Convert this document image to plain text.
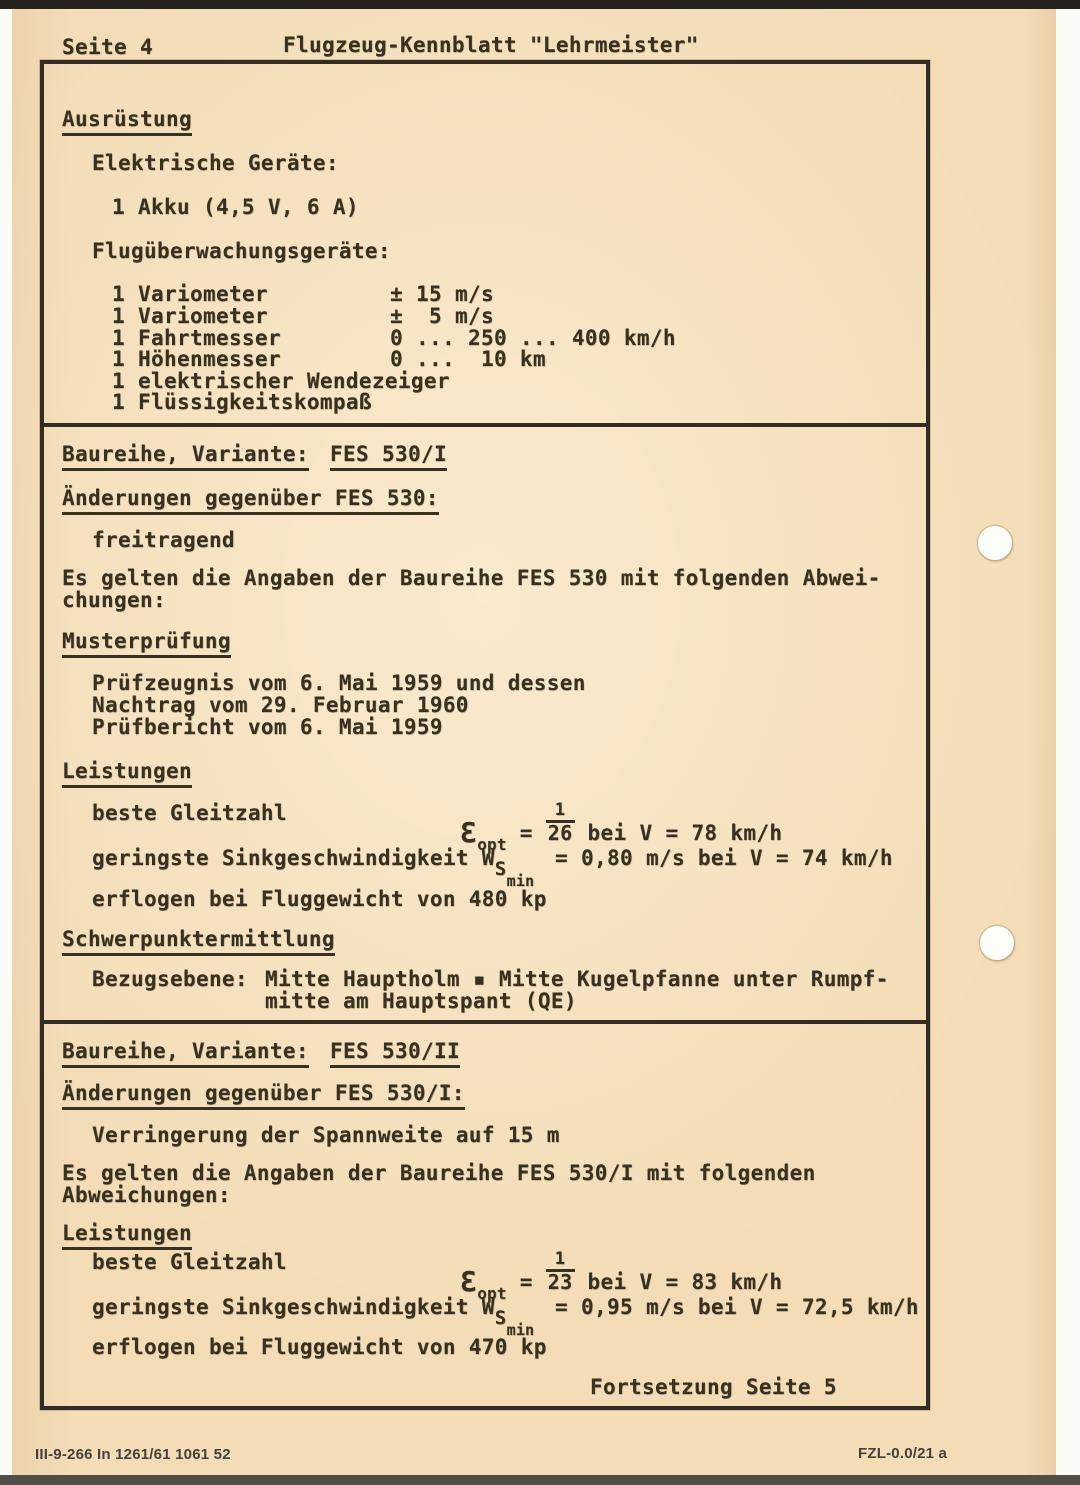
Seite 4	Flugzeug-Kennblatt "Lehrmeister"
Ausrüstung
Elektrische Geräte:
1 Akku (4,5 V, 6 A)
Flugüberwachungsgeräte:
1 Variometer	± 15 m/s
1 Variometer	±  5 m/s
1 Fahrtmesser	0 ... 250 ... 400 km/h
1 Höhenmesser	0 ...  10 km
1 elektrischer Wendezeiger
1 Flüssigkeitskompaß
Baureihe, Variante: FES 530/I
Änderungen gegenüber FES 530:
freitragend
Es gelten die Angaben der Baureihe FES 530 mit folgenden Abwei-
chungen:
Musterprüfung
Prüfzeugnis vom 6. Mai 1959 und dessen
Nachtrag vom 29. Februar 1960
Prüfbericht vom 6. Mai 1959
Leistungen
beste Gleitzahl
$Ɛ_{opt} = \frac{1}{26}$ bei V = 78 km/h
geringste Sinkgeschwindigkeit $WS_{min}$
= 0,80 m/s bei V = 74 km/h
erflogen bei Fluggewicht von 480 kp
Schwerpunktermittlung
Bezugsebene: Mitte Hauptholm ▪ Mitte Kugelpfanne unter Rumpf-
mitte am Hauptspant (QE)
Baureihe, Variante: FES 530/II
Änderungen gegenüber FES 530/I:
Verringerung der Spannweite auf 15 m
Es gelten die Angaben der Baureihe FES 530/I mit folgenden
Abweichungen:
Leistungen
beste Gleitzahl
$Ɛ_{opt} = \frac{1}{23}$ bei V = 83 km/h
geringste Sinkgeschwindigkeit $WS_{min}$
= 0,95 m/s bei V = 72,5 km/h
erflogen bei Fluggewicht von 470 kp
Fortsetzung Seite 5
III-9-266 In 1261/61 1061 52	FZL-0.0/21 a
